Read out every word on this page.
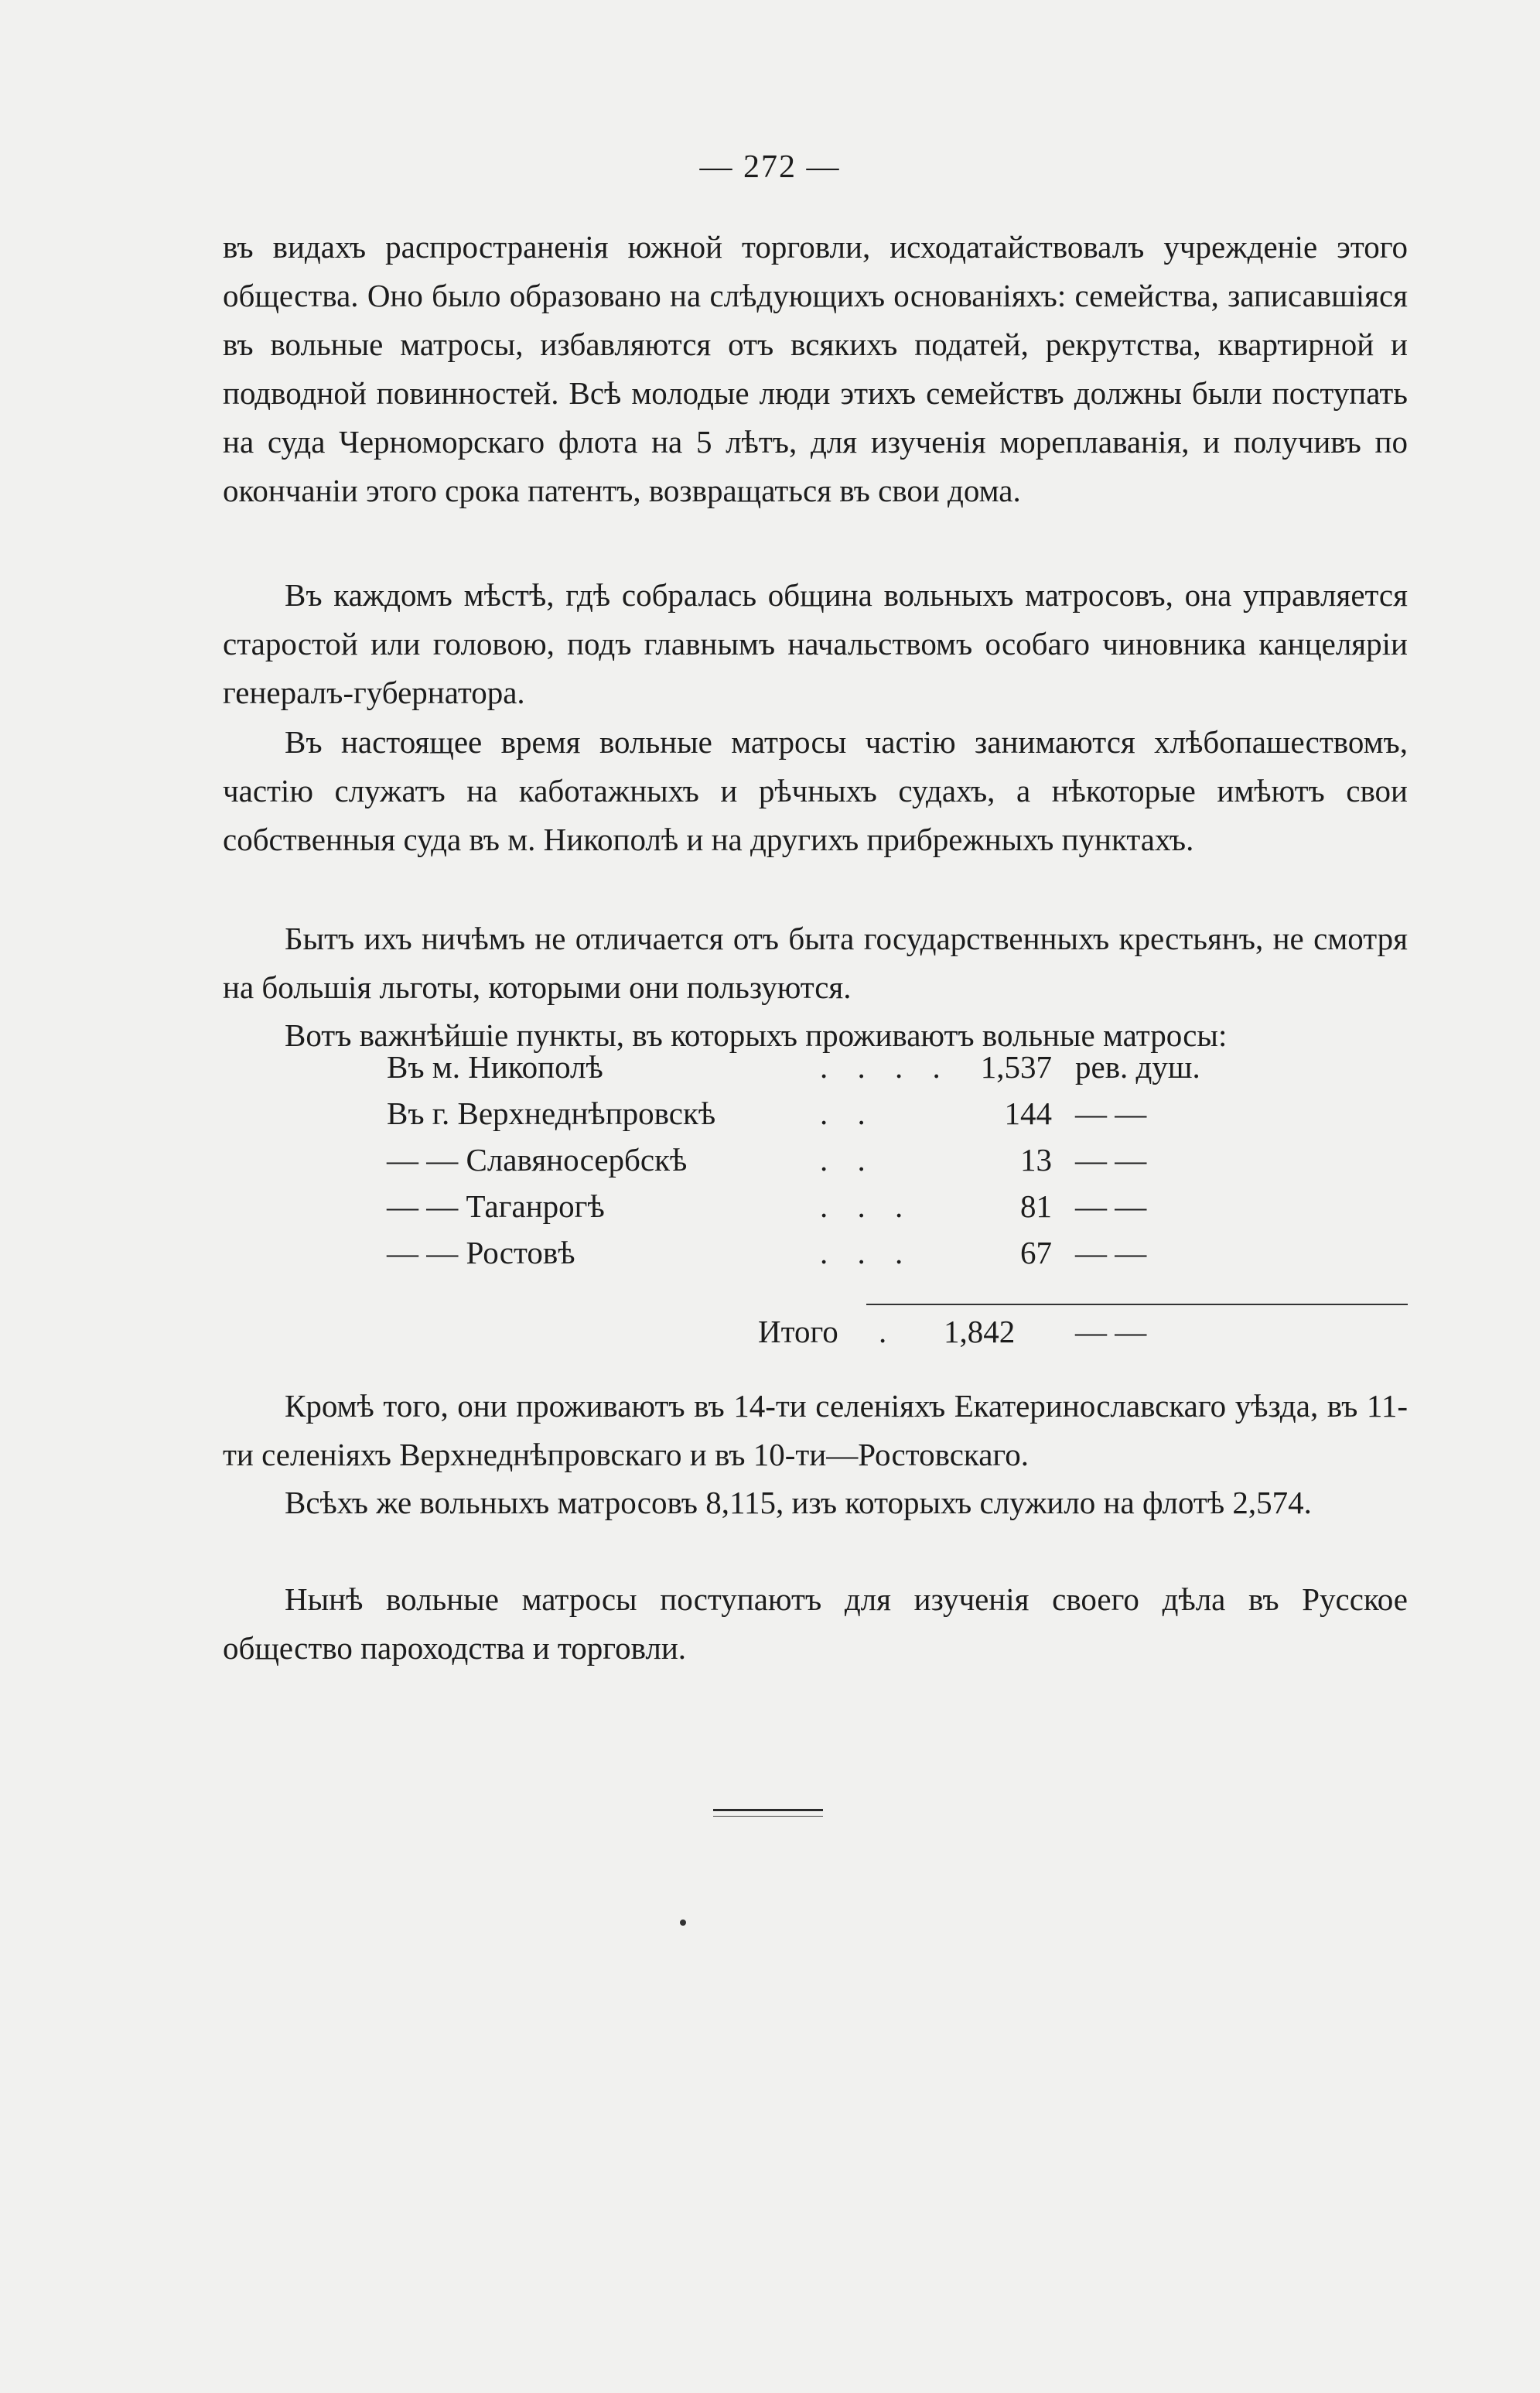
— 272 —

въ видахъ распространенія южной торговли, исходатайствовалъ учрежденіе этого общества. Оно было образовано на слѣдующихъ основаніяхъ: семейства, записавшіяся въ вольные матросы, избавляются отъ всякихъ податей, рекрутства, квартирной и подводной повинностей. Всѣ молодые люди этихъ семействъ должны были поступать на суда Черноморскаго флота на 5 лѣтъ, для изученія мореплаванія, и получивъ по окончаніи этого срока патентъ, возвращаться въ свои дома.

Въ каждомъ мѣстѣ, гдѣ собралась община вольныхъ матросовъ, она управляется старостой или головою, подъ главнымъ начальствомъ особаго чиновника канцеляріи генералъ-губернатора.

Въ настоящее время вольные матросы частію занимаются хлѣбопашествомъ, частію служатъ на каботажныхъ и рѣчныхъ судахъ, а нѣкоторые имѣютъ свои собственныя суда въ м. Никополѣ и на другихъ прибрежныхъ пунктахъ.

Бытъ ихъ ничѣмъ не отличается отъ быта государственныхъ крестьянъ, не смотря на большія льготы, которыми они пользуются.

Вотъ важнѣйшіе пункты, въ которыхъ проживаютъ вольные матросы:

Въ м. Никополѣ	. . . . 1,537 рев. душ.
Въ г. Верхнеднѣпровскѣ	. .	144 — —
— — Славяносербскѣ	. .	13 — —
— — Таганрогѣ	. . .	81 — —
— — Ростовѣ	. . .	67 — —
Итого . 1,842 — —

Кромѣ того, они проживаютъ въ 14-ти селеніяхъ Екатеринославскаго уѣзда, въ 11-ти селеніяхъ Верхнеднѣпровскаго и въ 10-ти—Ростовскаго.

Всѣхъ же вольныхъ матросовъ 8,115, изъ которыхъ служило на флотѣ 2,574.

Нынѣ вольные матросы поступаютъ для изученія своего дѣла въ Русское общество пароходства и торговли.
